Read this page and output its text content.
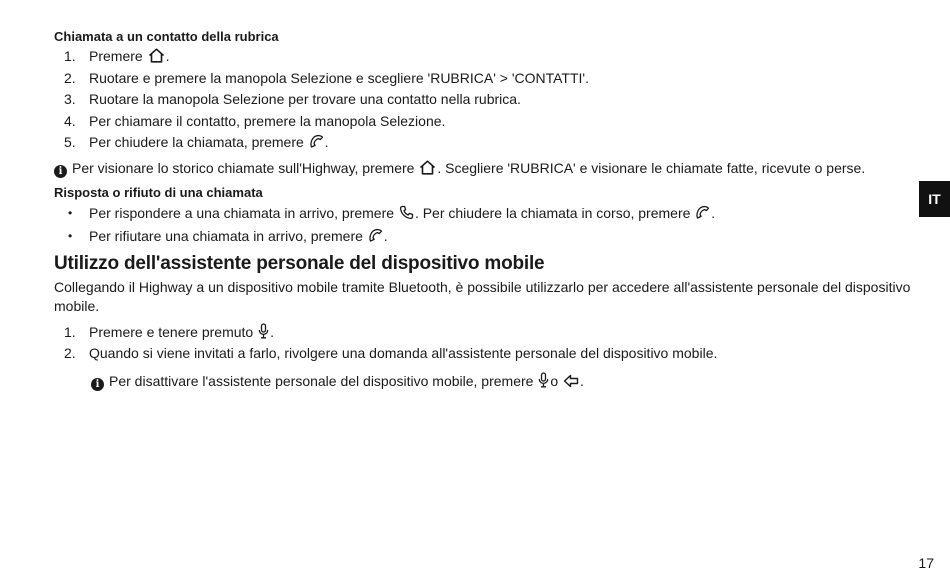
Chiamata a un contatto della rubrica

1. Premere .
2. Ruotare e premere la manopola Selezione e scegliere 'RUBRICA' > 'CONTATTI'.
3. Ruotare la manopola Selezione per trovare una contatto nella rubrica.
4. Per chiamare il contatto, premere la manopola Selezione.
5. Per chiudere la chiamata, premere .
i Per visionare lo storico chiamate sull'Highway, premere . Scegliere 'RUBRICA' e visionare le chiamate fatte, ricevute o perse.

Risposta o rifiuto di una chiamata

• Per rispondere a una chiamata in arrivo, premere . Per chiudere la chiamata in corso, premere .
• Per rifiutare una chiamata in arrivo, premere .

Utilizzo dell'assistente personale del dispositivo mobile

Collegando il Highway a un dispositivo mobile tramite Bluetooth, è possibile utilizzarlo per accedere all'assistente personale del dispositivo mobile.

1. Premere e tenere premuto .
2. Quando si viene invitati a farlo, rivolgere una domanda all'assistente personale del dispositivo mobile.
i Per disattivare l'assistente personale del dispositivo mobile, premere o .
IT
17
